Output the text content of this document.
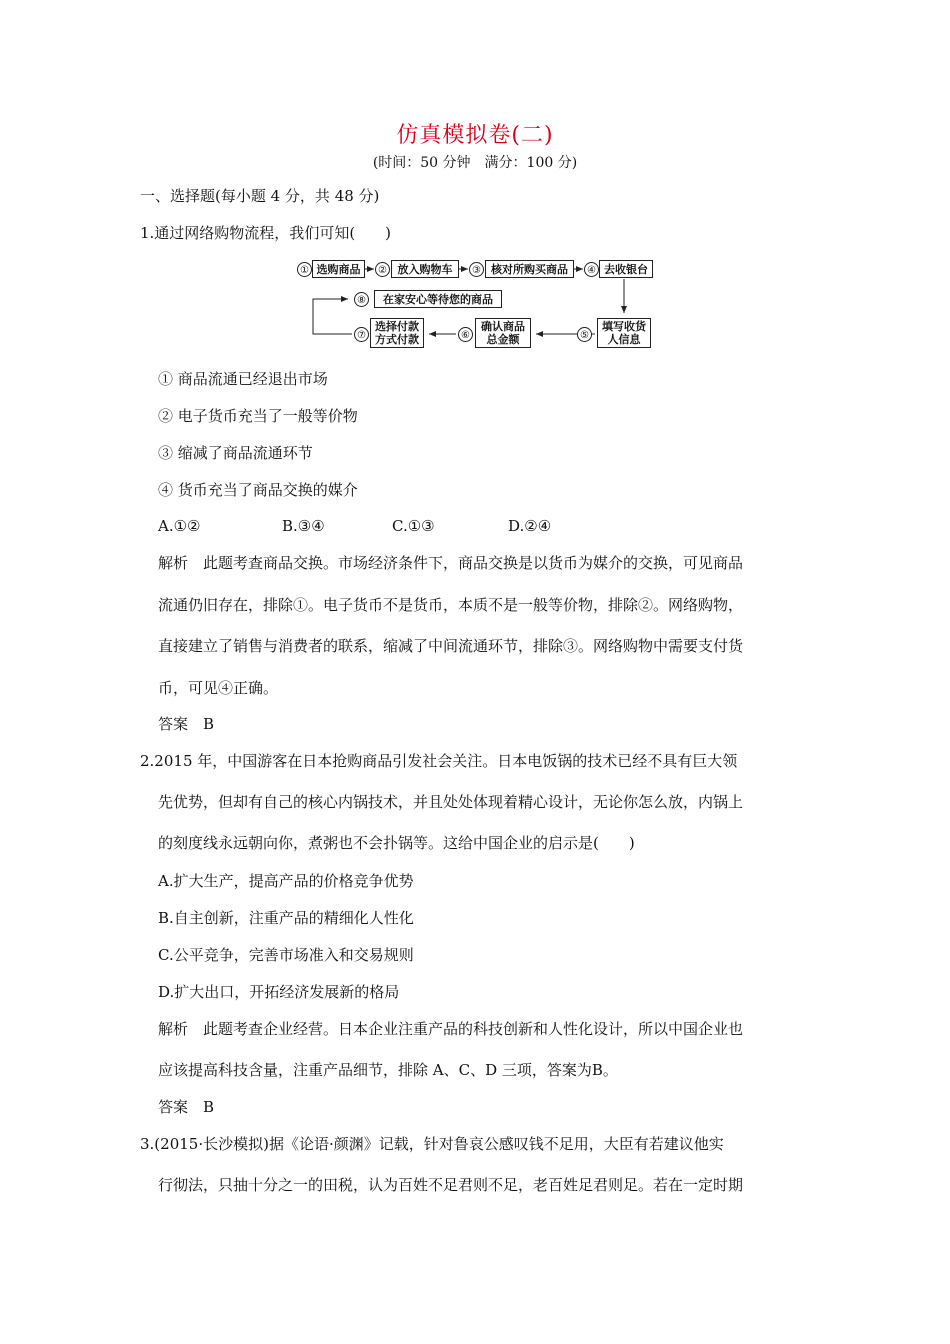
仿真模拟卷(二)
(时间：50 分钟　满分：100 分)
一、选择题(每小题 4 分，共 48 分)
1.通过网络购物流程，我们可知(　　)
① 选购商品	② 放入购物车	③ 核对所购买商品	④ 去收银台
⑤
填写收货人信息
⑥
确认商品总金额
⑦
选择付款方式付款
⑧	在家安心等待您的商品
① 商品流通已经退出市场
② 电子货币充当了一般等价物
③ 缩减了商品流通环节
④ 货币充当了商品交换的媒介
A.①②	B.③④	C.①③	D.②④
解析　此题考查商品交换。市场经济条件下，商品交换是以货币为媒介的交换，可见商品
流通仍旧存在，排除①。电子货币不是货币，本质不是一般等价物，排除②。网络购物，
直接建立了销售与消费者的联系，缩减了中间流通环节，排除③。网络购物中需要支付货
币，可见④正确。
答案　B
2.2015 年，中国游客在日本抢购商品引发社会关注。日本电饭锅的技术已经不具有巨大领
先优势，但却有自己的核心内锅技术，并且处处体现着精心设计，无论你怎么放，内锅上
的刻度线永远朝向你，煮粥也不会扑锅等。这给中国企业的启示是(　　)
A.扩大生产，提高产品的价格竞争优势
B.自主创新，注重产品的精细化人性化
C.公平竞争，完善市场准入和交易规则
D.扩大出口，开拓经济发展新的格局
解析　此题考查企业经营。日本企业注重产品的科技创新和人性化设计，所以中国企业也
应该提高科技含量，注重产品细节，排除 A、C、D 三项，答案为B。
答案　B
3.(2015·长沙模拟)据《论语·颜渊》记载，针对鲁哀公感叹钱不足用，大臣有若建议他实
行彻法，只抽十分之一的田税，认为百姓不足君则不足，老百姓足君则足。若在一定时期
